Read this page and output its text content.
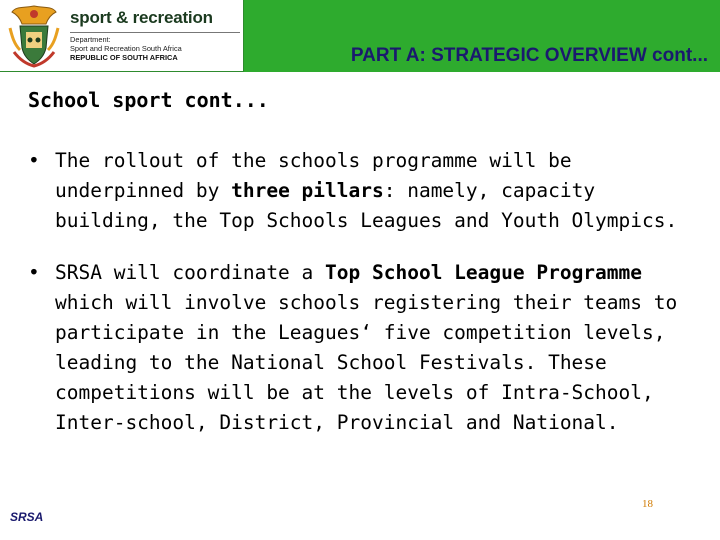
sport & recreation
Department:
Sport and Recreation South Africa
REPUBLIC OF SOUTH AFRICA	PART A: STRATEGIC OVERVIEW cont...
School sport cont...
• The rollout of the schools programme will be underpinned by three pillars: namely, capacity building, the Top Schools Leagues and Youth Olympics.
• SRSA will coordinate a Top School League Programme which will involve schools registering their teams to participate in the Leagues‘ five competition levels, leading to the National School Festivals. These competitions will be at the levels of Intra-School, Inter-school, District, Provincial and National.
SRSA
18
